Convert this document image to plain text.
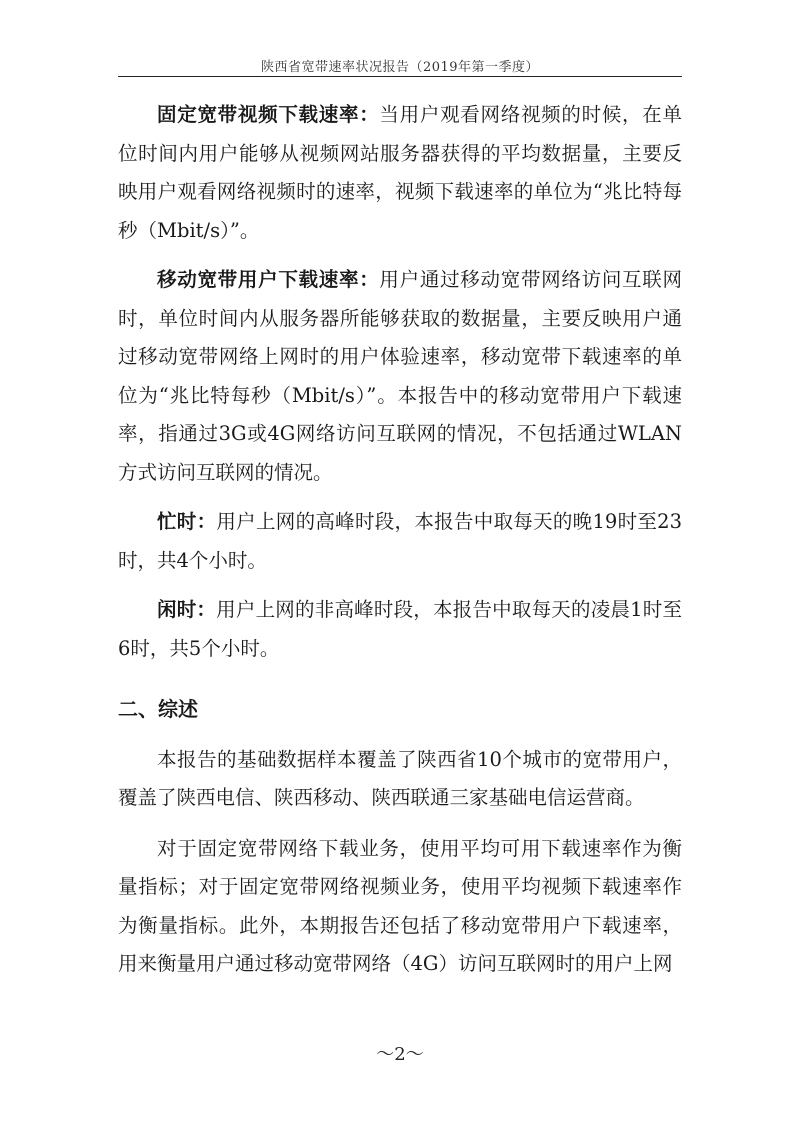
陕西省宽带速率状况报告（2019年第一季度）

固定宽带视频下载速率：当用户观看网络视频的时候，在单位时间内用户能够从视频网站服务器获得的平均数据量，主要反映用户观看网络视频时的速率，视频下载速率的单位为“兆比特每秒（Mbit/s）”。

移动宽带用户下载速率：用户通过移动宽带网络访问互联网时，单位时间内从服务器所能够获取的数据量，主要反映用户通过移动宽带网络上网时的用户体验速率，移动宽带下载速率的单位为“兆比特每秒（Mbit/s）”。本报告中的移动宽带用户下载速率，指通过3G或4G网络访问互联网的情况，不包括通过WLAN方式访问互联网的情况。

忙时：用户上网的高峰时段，本报告中取每天的晚19时至23时，共4个小时。

闲时：用户上网的非高峰时段，本报告中取每天的凌晨1时至6时，共5个小时。

二、综述

本报告的基础数据样本覆盖了陕西省10个城市的宽带用户，覆盖了陕西电信、陕西移动、陕西联通三家基础电信运营商。

对于固定宽带网络下载业务，使用平均可用下载速率作为衡量指标；对于固定宽带网络视频业务，使用平均视频下载速率作为衡量指标。此外，本期报告还包括了移动宽带用户下载速率，用来衡量用户通过移动宽带网络（4G）访问互联网时的用户上网

～2～
